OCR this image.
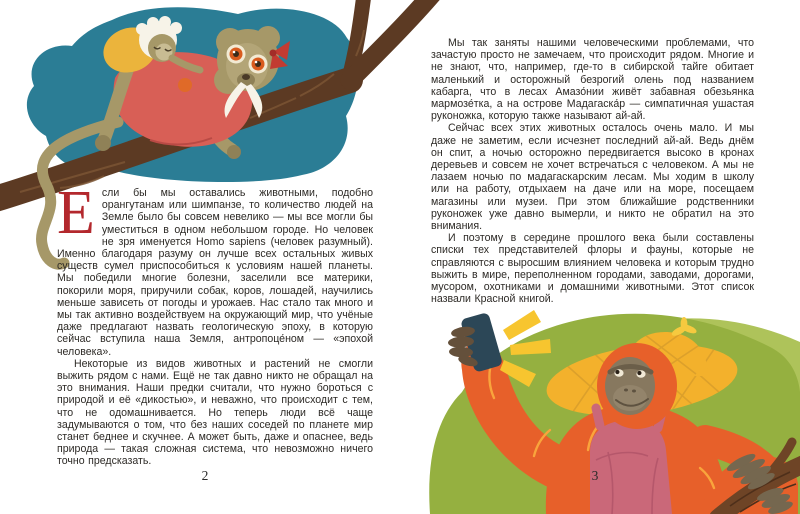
Если бы мы оставались животными, подобно орангутанам или шимпанзе, то количество людей на Земле было бы совсем невелико — мы все могли бы уместиться в одном небольшом городе. Но человек не зря именуется Homo sapiens (человек разумный). Именно благодаря разуму он лучше всех остальных живых существ сумел приспособиться к условиям нашей планеты. Мы победили многие болезни, заселили все материки, покорили моря, приручили собак, коров, лошадей, научились меньше зависеть от погоды и урожаев. Нас стало так много и мы так активно воздействуем на окружающий мир, что учёные даже предлагают назвать геологическую эпоху, в которую сейчас вступила наша Земля, антропоце́ном — «эпохой человека».

Некоторые из видов животных и растений не смогли выжить рядом с нами. Ещё не так давно никто не обращал на это внимания. Наши предки считали, что нужно бороться с природой и её «дикостью», и неважно, что происходит с тем, что не одомашнивается. Но теперь люди всё чаще задумываются о том, что без наших соседей по планете мир станет беднее и скучнее. А может быть, даже и опаснее, ведь природа — такая сложная система, что невозможно ничего точно предсказать.

2

Мы так заняты нашими человеческими проблемами, что зачастую просто не замечаем, что происходит рядом. Многие и не знают, что, например, где-то в сибирской тайге обитает маленький и осторожный безрогий олень под названием кабарга, что в лесах Амазо́нии живёт забавная обезьянка мармозе́тка, а на острове Мадагаска́р — симпатичная ушастая руконожка, которую также называют ай-ай.

Сейчас всех этих животных осталось очень мало. И мы даже не заметим, если исчезнет последний ай-ай. Ведь днём он спит, а ночью осторожно передвигается высоко в кронах деревьев и совсем не хочет встречаться с человеком. А мы не лазаем ночью по мадагаскарским лесам. Мы ходим в школу или на работу, отдыхаем на даче или на море, посещаем магазины или музеи. При этом ближайшие родственники руконожек уже давно вымерли, и никто не обратил на это внимания.

И поэтому в середине прошлого века были составлены списки тех представителей флоры и фауны, которые не справляются с выросшим влиянием человека и которым трудно выжить в мире, переполненном городами, заводами, дорогами, мусором, охотниками и домашними животными. Этот список назвали Красной книгой.

3
